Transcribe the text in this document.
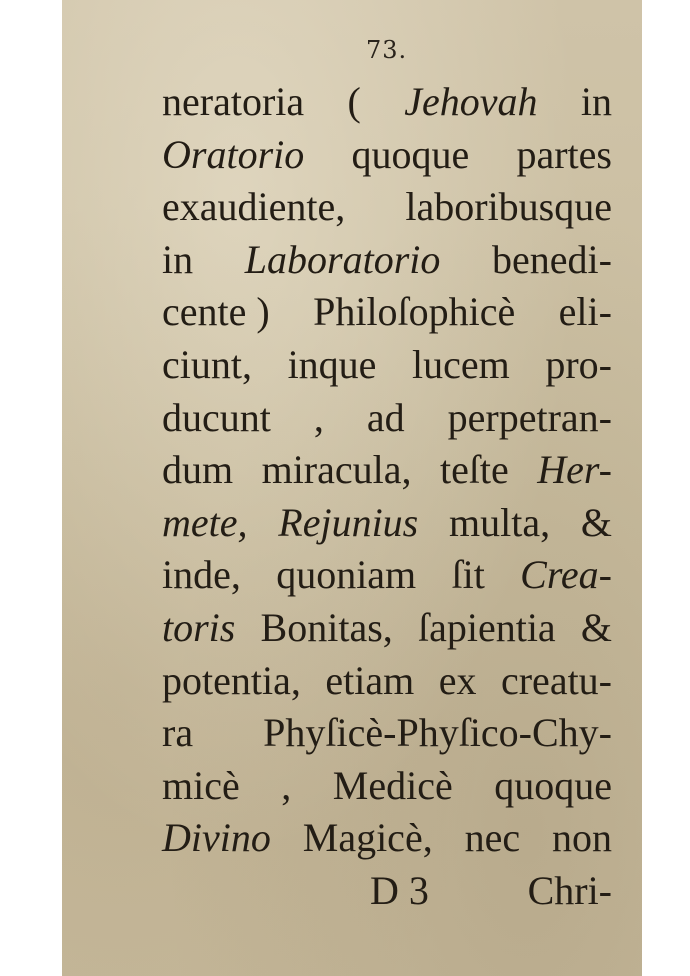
73.
neratoria ( Jehovah in
Oratorio quoque partes
exaudiente, laboribusque
in Laboratorio benedi-
cente ) Philoſophicè eli-
ciunt, inque lucem pro-
ducunt , ad perpetran-
dum miracula, teſte Her-
mete, Rejunius multa, &
inde, quoniam ſit Crea-
toris Bonitas, ſapientia &
potentia, etiam ex creatu-
ra Phyſicè-Phyſico-Chy-
micè , Medicè quoque
Divino Magicè, nec non
D 3 Chri-
